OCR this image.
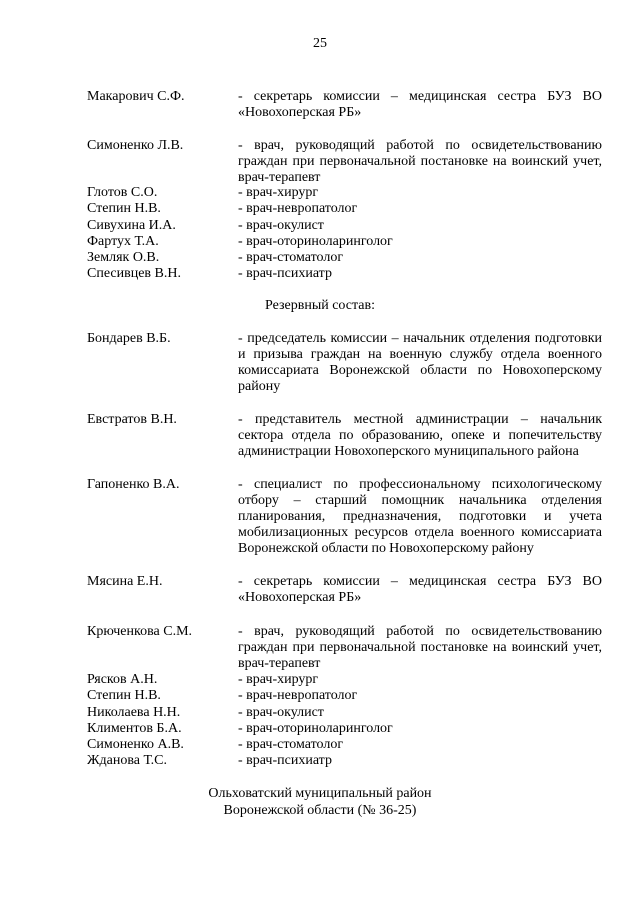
25
Макарович С.Ф.	- секретарь комиссии – медицинская сестра БУЗ ВО «Новохоперская РБ»
Симоненко Л.В.	- врач, руководящий работой по освидетельствованию граждан при первоначальной постановке на воинский учет, врач-терапевт
Глотов С.О.	- врач-хирург
Степин Н.В.	- врач-невропатолог
Сивухина И.А.	- врач-окулист
Фартух Т.А.	- врач-оториноларинголог
Земляк О.В.	- врач-стоматолог
Спесивцев В.Н.	- врач-психиатр
Резервный состав:
Бондарев В.Б.	- председатель комиссии – начальник отделения подготовки и призыва граждан на военную службу отдела военного комиссариата Воронежской области по Новохоперскому району
Евстратов В.Н.	- представитель местной администрации – начальник сектора отдела по образованию, опеке и попечительству администрации Новохоперского муниципального района
Гапоненко В.А.	- специалист по профессиональному психологическому отбору – старший помощник начальника отделения планирования, предназначения, подготовки и учета мобилизационных ресурсов отдела военного комиссариата Воронежской области по Новохоперскому району
Мясина Е.Н.	- секретарь комиссии – медицинская сестра БУЗ ВО «Новохоперская РБ»
Крюченкова С.М.	- врач, руководящий работой по освидетельствованию граждан при первоначальной постановке на воинский учет, врач-терапевт
Рясков А.Н.	- врач-хирург
Степин Н.В.	- врач-невропатолог
Николаева Н.Н.	- врач-окулист
Климентов Б.А.	- врач-оториноларинголог
Симоненко А.В.	- врач-стоматолог
Жданова Т.С.	- врач-психиатр
Ольховатский муниципальный район
Воронежской области (№ 36-25)
